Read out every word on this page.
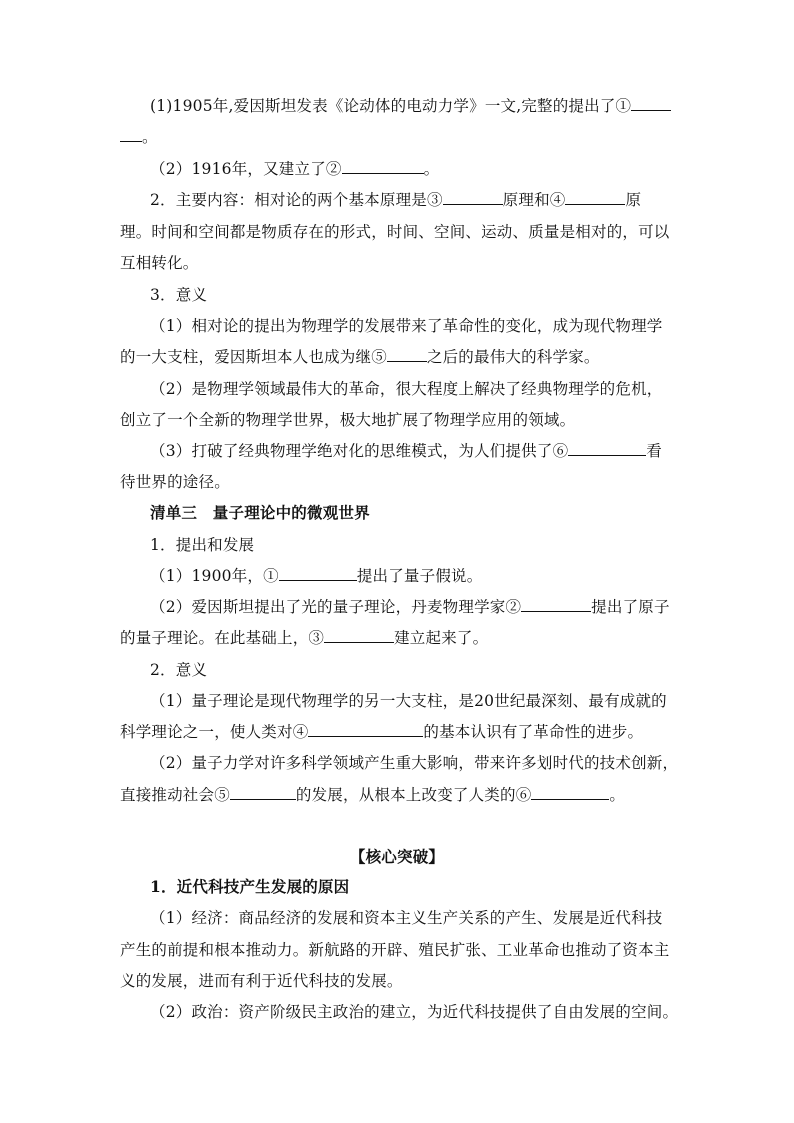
(1)1905年,爱因斯坦发表《论动体的电动力学》一文,完整的提出了①
。
（2）1916年，又建立了②	。
2．主要内容：相对论的两个基本原理是③	原理和④	原
理。时间和空间都是物质存在的形式，时间、空间、运动、质量是相对的，可以
互相转化。
3．意义
（1）相对论的提出为物理学的发展带来了革命性的变化，成为现代物理学
的一大支柱，爱因斯坦本人也成为继⑤	之后的最伟大的科学家。
（2）是物理学领域最伟大的革命，很大程度上解决了经典物理学的危机，
创立了一个全新的物理学世界，极大地扩展了物理学应用的领域。
（3）打破了经典物理学绝对化的思维模式，为人们提供了⑥	看
待世界的途径。
清单三　量子理论中的微观世界
1．提出和发展
（1）1900年，①	提出了量子假说。
（2）爱因斯坦提出了光的量子理论，丹麦物理学家②	提出了原子
的量子理论。在此基础上，③	建立起来了。
2．意义
（1）量子理论是现代物理学的另一大支柱，是20世纪最深刻、最有成就的
科学理论之一，使人类对④	的基本认识有了革命性的进步。
（2）量子力学对许多科学领域产生重大影响，带来许多划时代的技术创新，
直接推动社会⑤	的发展，从根本上改变了人类的⑥	。
【核心突破】
1．近代科技产生发展的原因
（1）经济：商品经济的发展和资本主义生产关系的产生、发展是近代科技
产生的前提和根本推动力。新航路的开辟、殖民扩张、工业革命也推动了资本主
义的发展，进而有利于近代科技的发展。
（2）政治：资产阶级民主政治的建立，为近代科技提供了自由发展的空间。
